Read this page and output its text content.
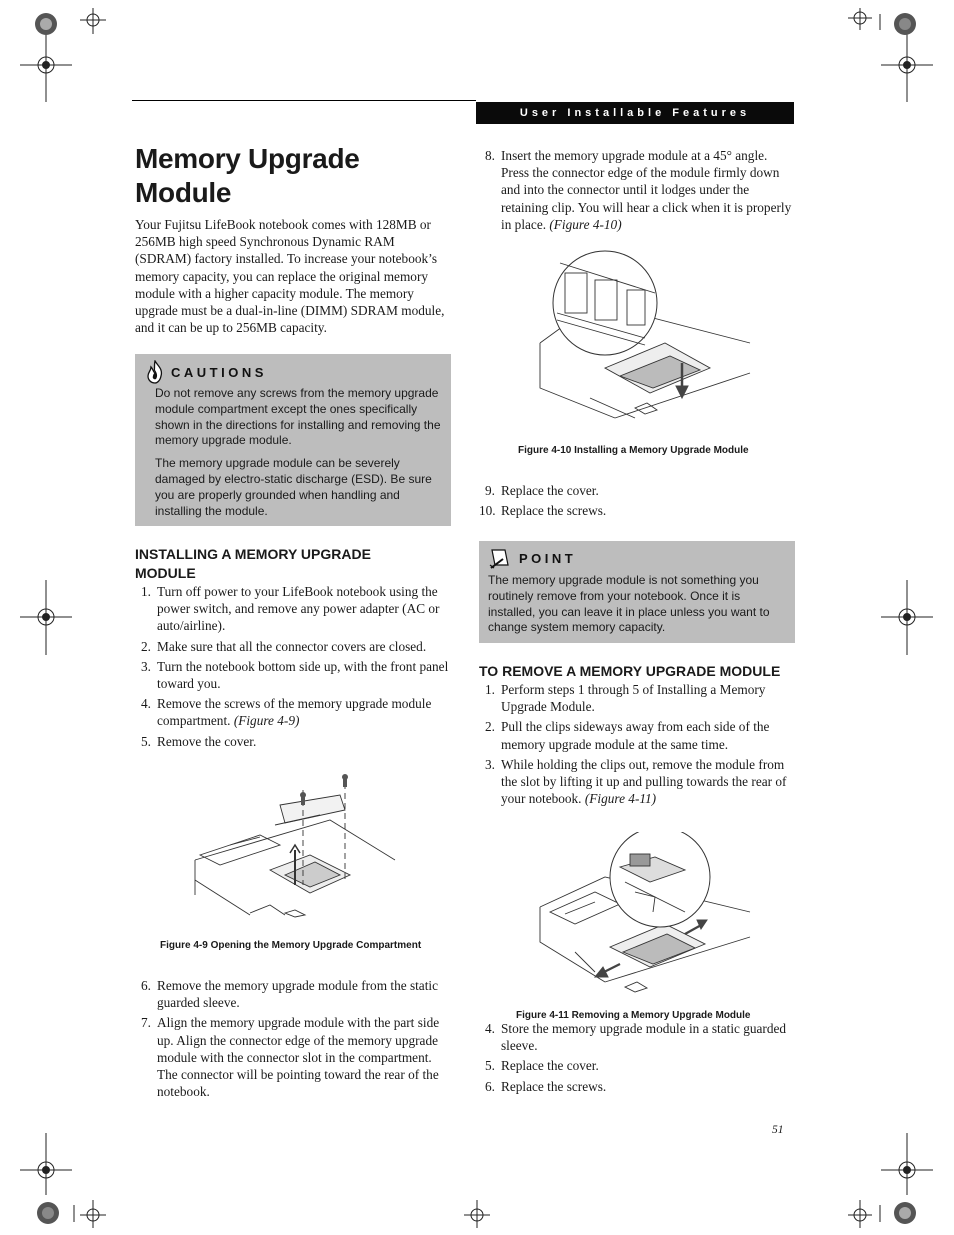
User Installable Features
Memory Upgrade Module

Your Fujitsu LifeBook notebook comes with 128MB or 256MB high speed Synchronous Dynamic RAM (SDRAM) factory installed. To increase your notebook’s memory capacity, you can replace the original memory module with a higher capacity module. The memory upgrade must be a dual-in-line (DIMM) SDRAM module, and it can be up to 256MB capacity.

CAUTIONS

Do not remove any screws from the memory upgrade module compartment except the ones specifically shown in the directions for installing and removing the memory upgrade module.

The memory upgrade module can be severely damaged by electro-static discharge (ESD). Be sure you are properly grounded when handling and installing the module.

INSTALLING A MEMORY UPGRADE MODULE
1. Turn off power to your LifeBook notebook using the power switch, and remove any power adapter (AC or auto/airline).
2. Make sure that all the connector covers are closed.
3. Turn the notebook bottom side up, with the front panel toward you.
4. Remove the screws of the memory upgrade module compartment. (Figure 4-9)
5. Remove the cover.
Figure 4-9 Opening the Memory Upgrade Compartment
6. Remove the memory upgrade module from the static guarded sleeve.
7. Align the memory upgrade module with the part side up. Align the connector edge of the memory upgrade module with the connector slot in the compartment. The connector will be pointing toward the rear of the notebook.
8. Insert the memory upgrade module at a 45° angle. Press the connector edge of the module firmly down and into the connector until it lodges under the retaining clip. You will hear a click when it is properly in place. (Figure 4-10)
Figure 4-10 Installing a Memory Upgrade Module
9. Replace the cover.
10. Replace the screws.
POINT

The memory upgrade module is not something you routinely remove from your notebook. Once it is installed, you can leave it in place unless you want to change system memory capacity.

TO REMOVE A MEMORY UPGRADE MODULE
1. Perform steps 1 through 5 of Installing a Memory Upgrade Module.
2. Pull the clips sideways away from each side of the memory upgrade module at the same time.
3. While holding the clips out, remove the module from the slot by lifting it up and pulling towards the rear of your notebook. (Figure 4-11)
Figure 4-11 Removing a Memory Upgrade Module
4. Store the memory upgrade module in a static guarded sleeve.
5. Replace the cover.
6. Replace the screws.
51
